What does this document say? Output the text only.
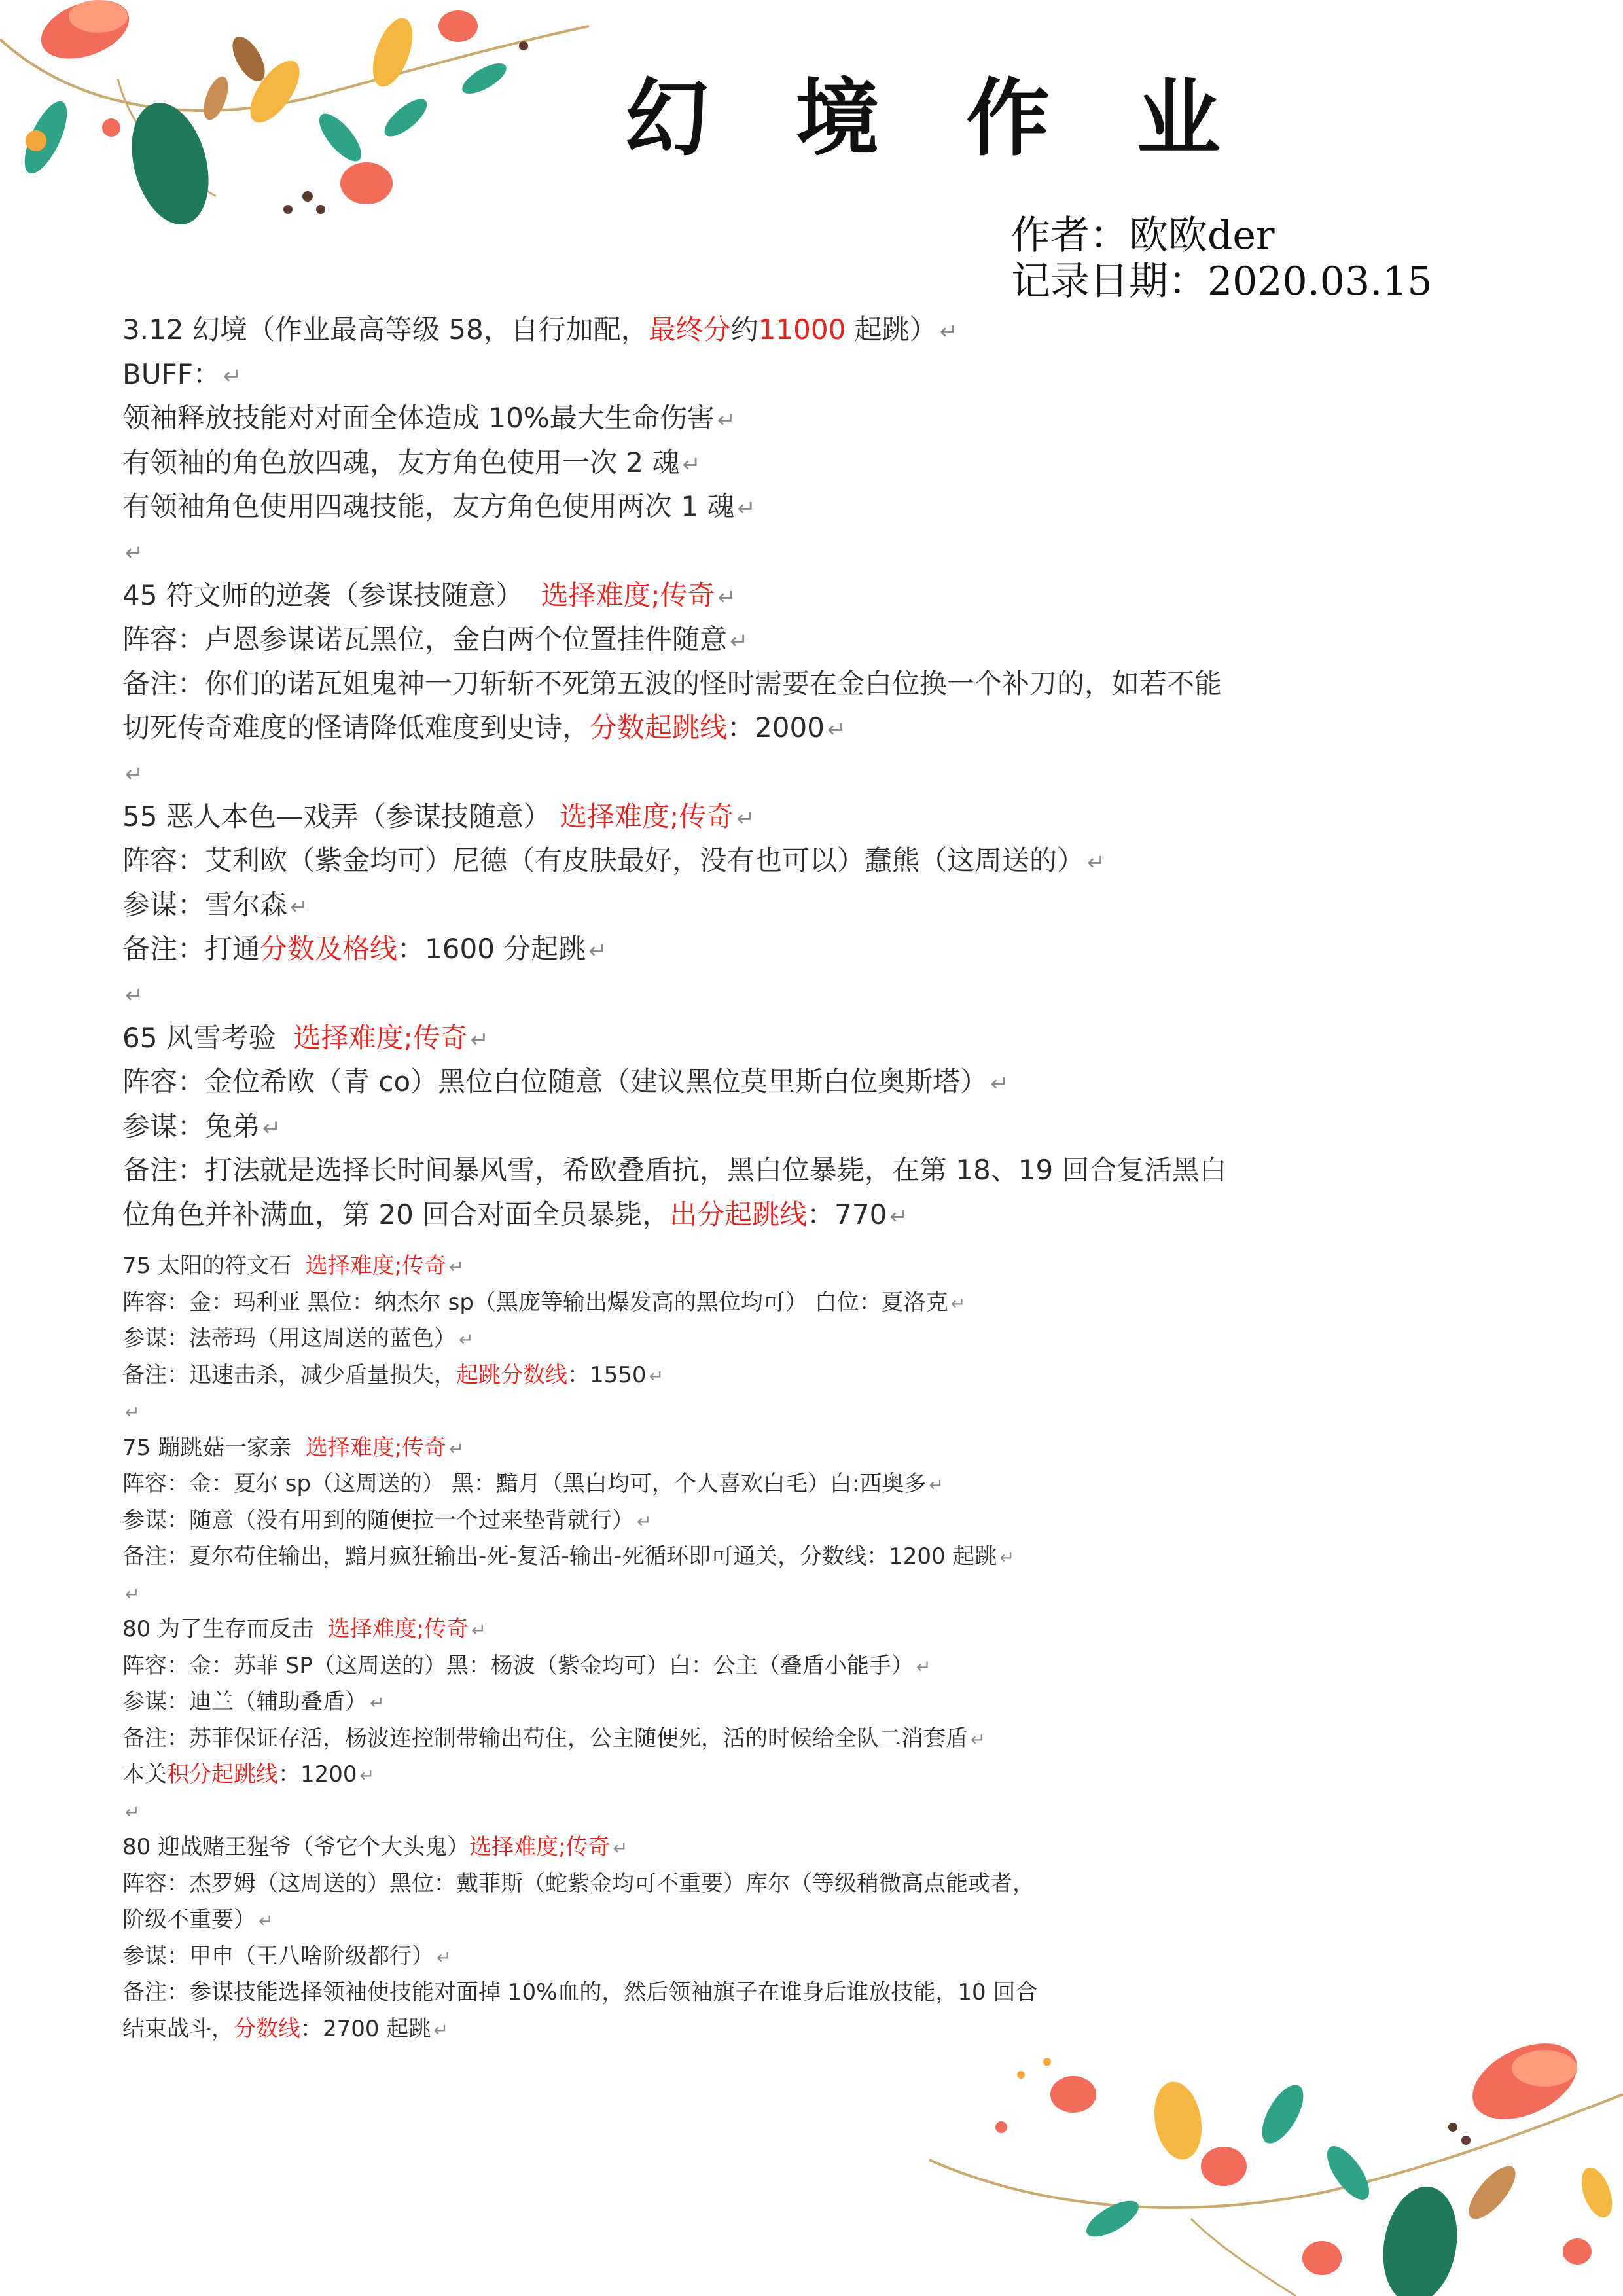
幻 境 作 业
作者：欧欧der
记录日期：2020.03.15
3.12 幻境（作业最高等级 58，自行加配，最终分约11000 起跳） ↵
BUFF： ↵
领袖释放技能对对面全体造成 10%最大生命伤害 ↵
有领袖的角色放四魂，友方角色使用一次 2 魂 ↵
有领袖角色使用四魂技能，友方角色使用两次 1 魂 ↵
↵
45 符文师的逆袭（参谋技随意） 选择难度;传奇 ↵
阵容：卢恩参谋诺瓦黑位，金白两个位置挂件随意 ↵
备注：你们的诺瓦姐鬼神一刀斩斩不死第五波的怪时需要在金白位换一个补刀的，如若不能
切死传奇难度的怪请降低难度到史诗，分数起跳线：2000 ↵
↵
55 恶人本色—戏弄（参谋技随意） 选择难度;传奇 ↵
阵容：艾利欧（紫金均可）尼德（有皮肤最好，没有也可以）蠢熊（这周送的） ↵
参谋：雪尔森 ↵
备注：打通分数及格线：1600 分起跳 ↵
↵
65 风雪考验 选择难度;传奇 ↵
阵容：金位希欧（青 co）黑位白位随意（建议黑位莫里斯白位奥斯塔） ↵
参谋：兔弟 ↵
备注：打法就是选择长时间暴风雪，希欧叠盾抗，黑白位暴毙，在第 18、19 回合复活黑白
位角色并补满血，第 20 回合对面全员暴毙，出分起跳线：770 ↵
75 太阳的符文石 选择难度;传奇 ↵
阵容：金：玛利亚 黑位：纳杰尔 sp（黑庞等输出爆发高的黑位均可） 白位：夏洛克 ↵
参谋：法蒂玛（用这周送的蓝色） ↵
备注：迅速击杀，减少盾量损失，起跳分数线：1550 ↵
↵
75 蹦跳菇一家亲 选择难度;传奇 ↵
阵容：金：夏尔 sp（这周送的） 黑：黯月（黑白均可，个人喜欢白毛）白:西奥多 ↵
参谋：随意（没有用到的随便拉一个过来垫背就行） ↵
备注：夏尔苟住输出，黯月疯狂输出-死-复活-输出-死循环即可通关，分数线：1200 起跳 ↵
↵
80 为了生存而反击 选择难度;传奇 ↵
阵容：金：苏菲 SP（这周送的）黑：杨波（紫金均可）白：公主（叠盾小能手） ↵
参谋：迪兰（辅助叠盾） ↵
备注：苏菲保证存活，杨波连控制带输出苟住，公主随便死，活的时候给全队二消套盾 ↵
本关积分起跳线：1200 ↵
↵
80 迎战赌王猩爷（爷它个大头鬼）选择难度;传奇 ↵
阵容：杰罗姆（这周送的）黑位：戴菲斯（蛇紫金均可不重要）库尔（等级稍微高点能或者，
阶级不重要） ↵
参谋：甲申（王八啥阶级都行） ↵
备注：参谋技能选择领袖使技能对面掉 10%血的，然后领袖旗子在谁身后谁放技能，10 回合
结束战斗，分数线：2700 起跳 ↵
